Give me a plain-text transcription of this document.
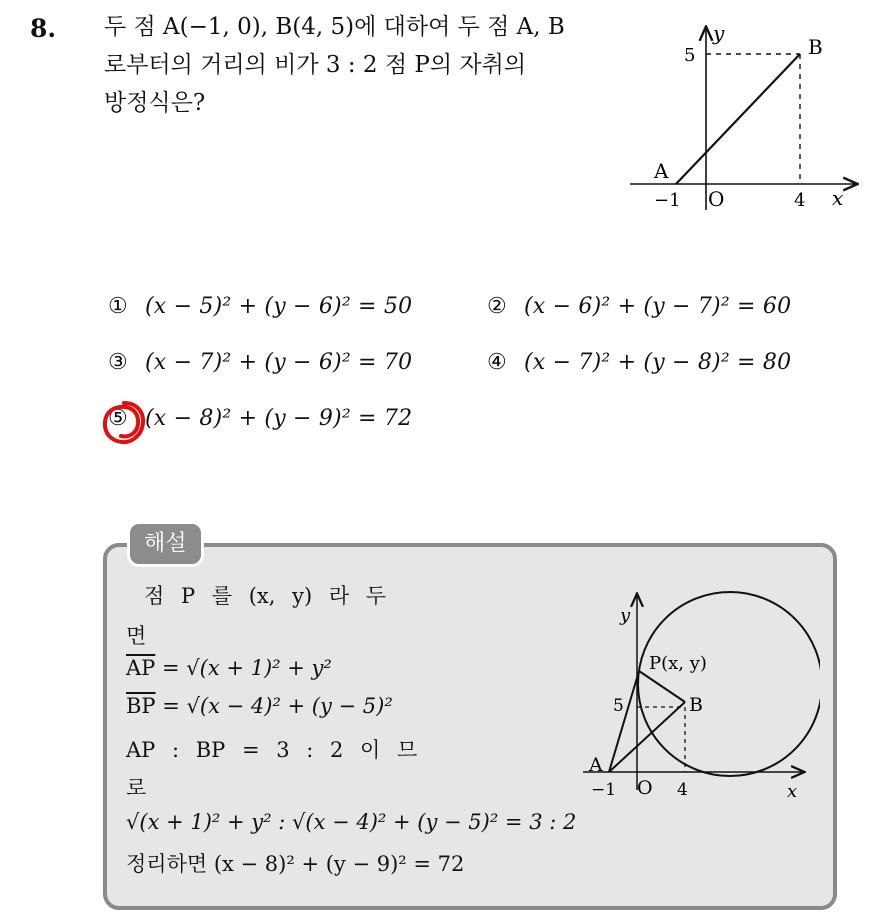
8. 두 점 A(−1, 0), B(4, 5)에 대하여 두 점 A, B
로부터의 거리의 비가 3 : 2 점 P의 자취의
방정식은?
y
x
O
A
B
5
−1	4
① (x − 5)² + (y − 6)² = 50	② (x − 6)² + (y − 7)² = 60
③ (x − 7)² + (y − 6)² = 70	④ (x − 7)² + (y − 8)² = 80
⑤ (x − 8)² + (y − 9)² = 72
해설
점 P 를 (x, y) 라 두
면
$\overline{AP} = √(x + 1)^2 + y^2$
$\overline{BP} = √(x - 4)^2 + (y - 5)^2$
AP : BP = 3 : 2 이 므
로
√(x + 1)² + y² : √(x − 4)² + (y − 5)² = 3 : 2
정리하면 (x − 8)² + (y − 9)² = 72
y
x
O
A
B
P(x, y)
5
−1	4
